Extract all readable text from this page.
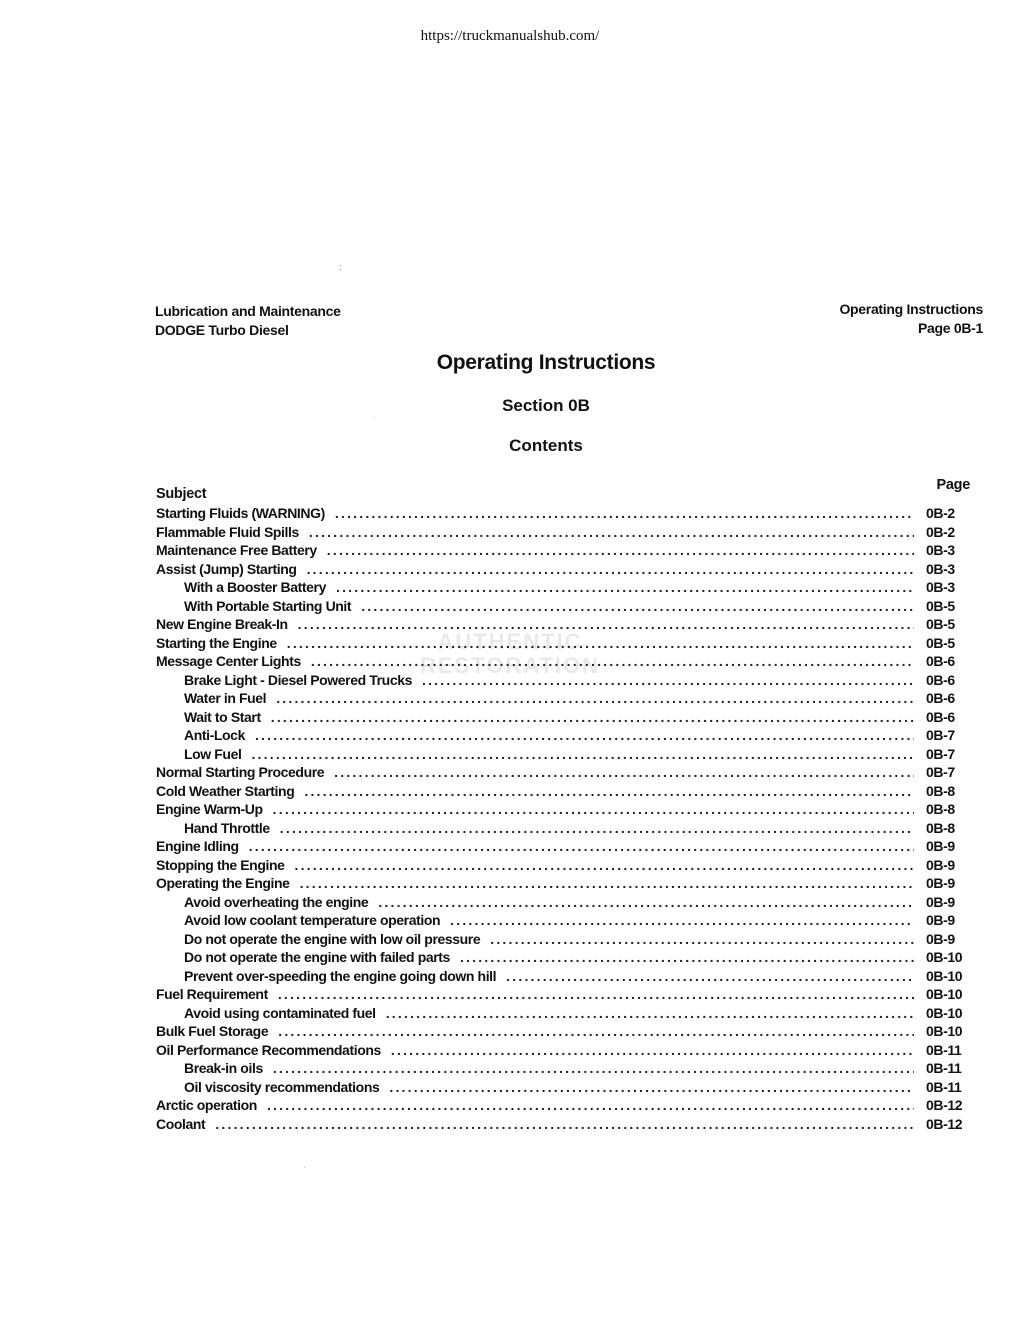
https://truckmanualshub.com/
;
Lubrication and Maintenance
DODGE Turbo Diesel
Operating Instructions
Page 0B-1
Operating Instructions
Section 0B
Contents
AUTHENTIC
RESTORATION
Subject
Page
Starting Fluids (WARNING) .....	0B-2
Flammable Fluid Spills .....	0B-2
Maintenance Free Battery .....	0B-3
Assist (Jump) Starting .....	0B-3
With a Booster Battery .....	0B-3
With Portable Starting Unit .....	0B-5
New Engine Break-In .....	0B-5
Starting the Engine .....	0B-5
Message Center Lights .....	0B-6
Brake Light - Diesel Powered Trucks .....	0B-6
Water in Fuel .....	0B-6
Wait to Start .....	0B-6
Anti-Lock .....	0B-7
Low Fuel .....	0B-7
Normal Starting Procedure .....	0B-7
Cold Weather Starting .....	0B-8
Engine Warm-Up .....	0B-8
Hand Throttle .....	0B-8
Engine Idling .....	0B-9
Stopping the Engine .....	0B-9
Operating the Engine .....	0B-9
Avoid overheating the engine .....	0B-9
Avoid low coolant temperature operation .....	0B-9
Do not operate the engine with low oil pressure .....	0B-9
Do not operate the engine with failed parts .....	0B-10
Prevent over-speeding the engine going down hill .....	0B-10
Fuel Requirement .....	0B-10
Avoid using contaminated fuel .....	0B-10
Bulk Fuel Storage .....	0B-10
Oil Performance Recommendations .....	0B-11
Break-in oils .....	0B-11
Oil viscosity recommendations .....	0B-11
Arctic operation .....	0B-12
Coolant .....	0B-12
·
·
